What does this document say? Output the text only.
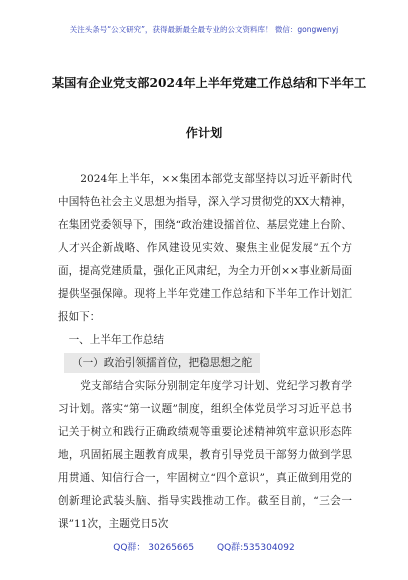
关注头条号“公文研究”，获得最新最全最专业的公文资料库！ 微信：gongwenyj
某国有企业党支部2024年上半年党建工作总结和下半年工
作计划

2024年上半年，××集团本部党支部坚持以习近平新时代中国特色社会主义思想为指导，深入学习贯彻党的XX大精神，在集团党委领导下，围绕“政治建设擂首位、基层党建上台阶、人才兴企新战略、作风建设见实效、聚焦主业促发展”五个方面，提高党建质量，强化正风肃纪，为全力开创××事业新局面提供坚强保障。现将上半年党建工作总结和下半年工作计划汇报如下：

一、上半年工作总结

（一）政治引领擂首位，把稳思想之舵

党支部结合实际分别制定年度学习计划、党纪学习教育学习计划。落实“第一议题”制度，组织全体党员学习习近平总书记关于树立和践行正确政绩观等重要论述精神筑牢意识形态阵地，巩固拓展主题教育成果，教育引导党员干部努力做到学思用贯通、知信行合一，牢固树立“四个意识”，真正做到用党的创新理论武装头脑、指导实践推动工作。截至目前，“三会一课”11次，主题党日5次

QQ群： 30265665	QQ群:535304092
